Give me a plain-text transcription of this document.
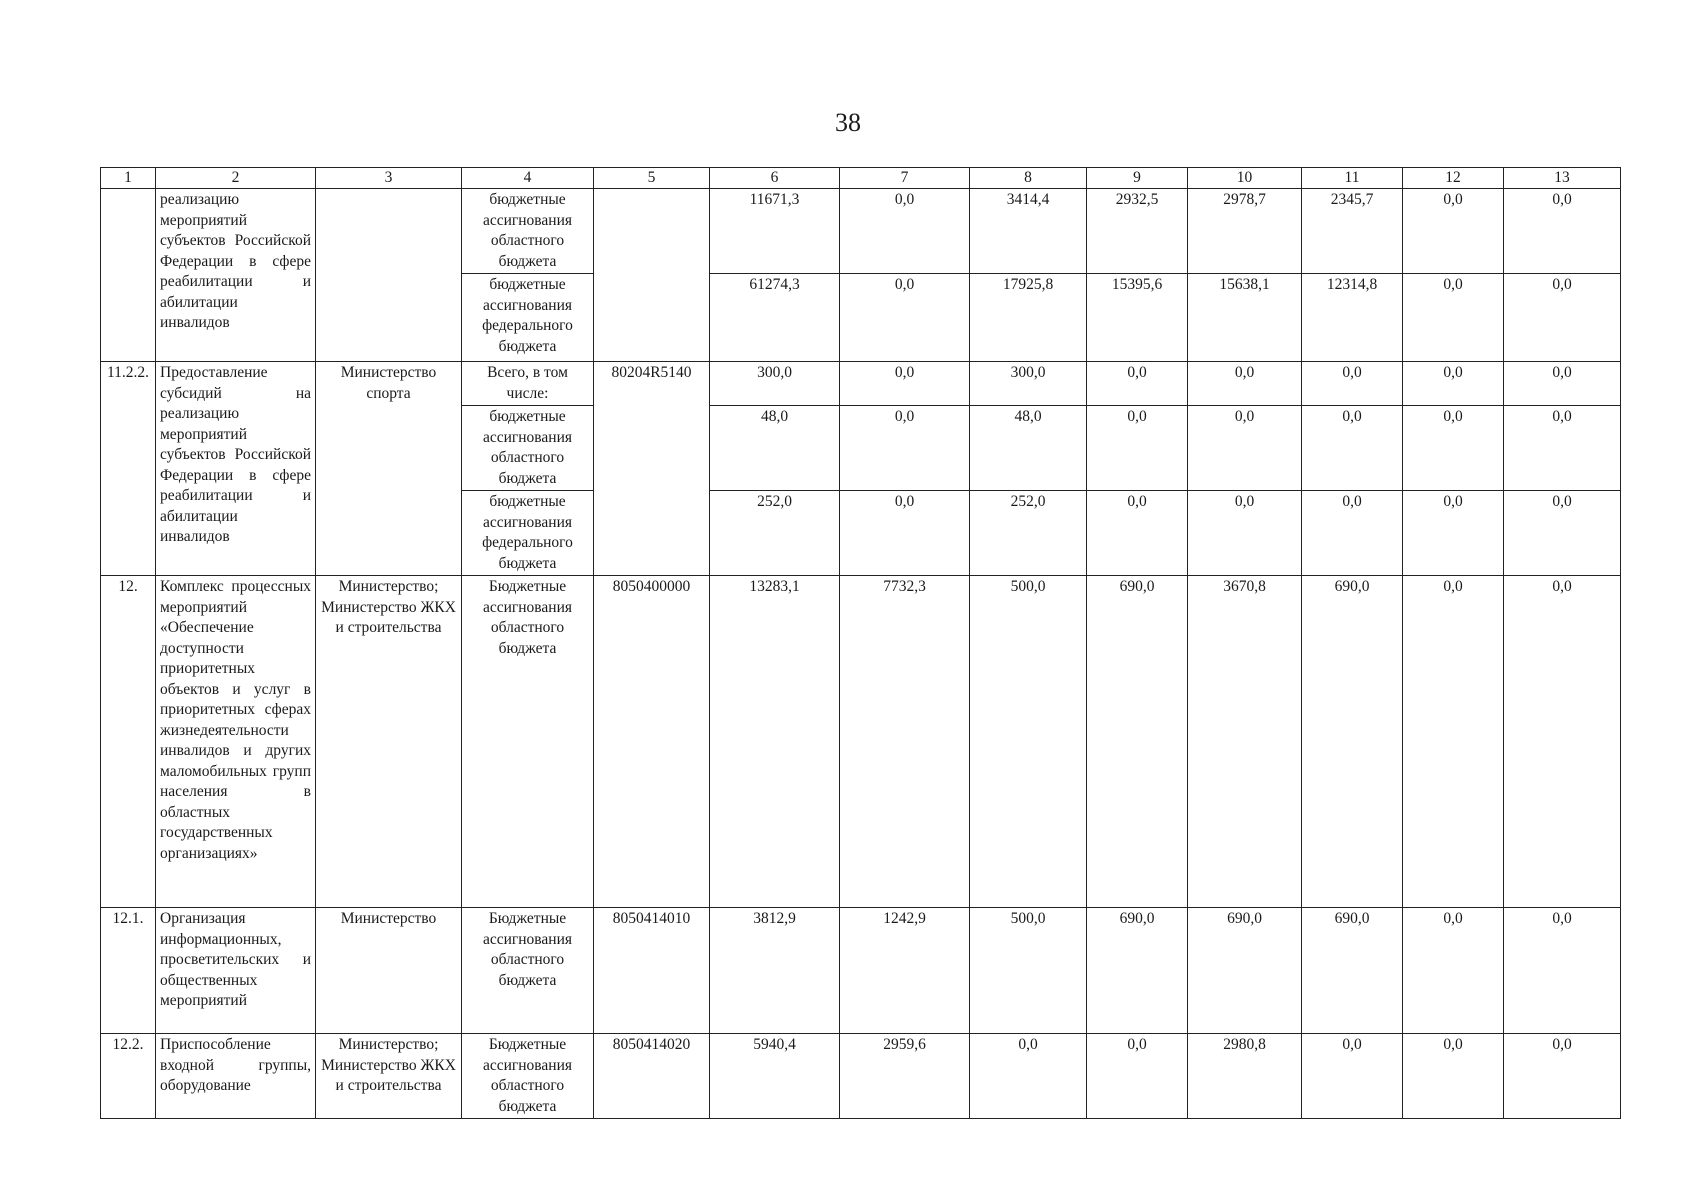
38
1	2	3	4	5	6	7	8	9	10	11	12	13
	реализацию мероприятий субъектов Российской Федерации в сфере реабилитации и абилитации инвалидов		бюджетные ассигнования областного бюджета		11671,3	0,0	3414,4	2932,5	2978,7	2345,7	0,0	0,0
			бюджетные ассигнования федерального бюджета		61274,3	0,0	17925,8	15395,6	15638,1	12314,8	0,0	0,0
11.2.2.	Предоставление субсидий на реализацию мероприятий субъектов Российской Федерации в сфере реабилитации и абилитации инвалидов	Министерство спорта	Всего, в том числе:	80204R5140	300,0	0,0	300,0	0,0	0,0	0,0	0,0	0,0
			бюджетные ассигнования областного бюджета		48,0	0,0	48,0	0,0	0,0	0,0	0,0	0,0
			бюджетные ассигнования федерального бюджета		252,0	0,0	252,0	0,0	0,0	0,0	0,0	0,0
12.	Комплекс процессных мероприятий «Обеспечение доступности приоритетных объектов и услуг в приоритетных сферах жизнедеятельности инвалидов и других маломобильных групп населения в областных государственных организациях»	Министерство; Министерство ЖКХ и строительства	Бюджетные ассигнования областного бюджета	8050400000	13283,1	7732,3	500,0	690,0	3670,8	690,0	0,0	0,0
12.1.	Организация информационных, просветительских и общественных мероприятий	Министерство	Бюджетные ассигнования областного бюджета	8050414010	3812,9	1242,9	500,0	690,0	690,0	690,0	0,0	0,0
12.2.	Приспособление входной группы, оборудование	Министерство; Министерство ЖКХ и строительства	Бюджетные ассигнования областного бюджета	8050414020	5940,4	2959,6	0,0	0,0	2980,8	0,0	0,0	0,0
